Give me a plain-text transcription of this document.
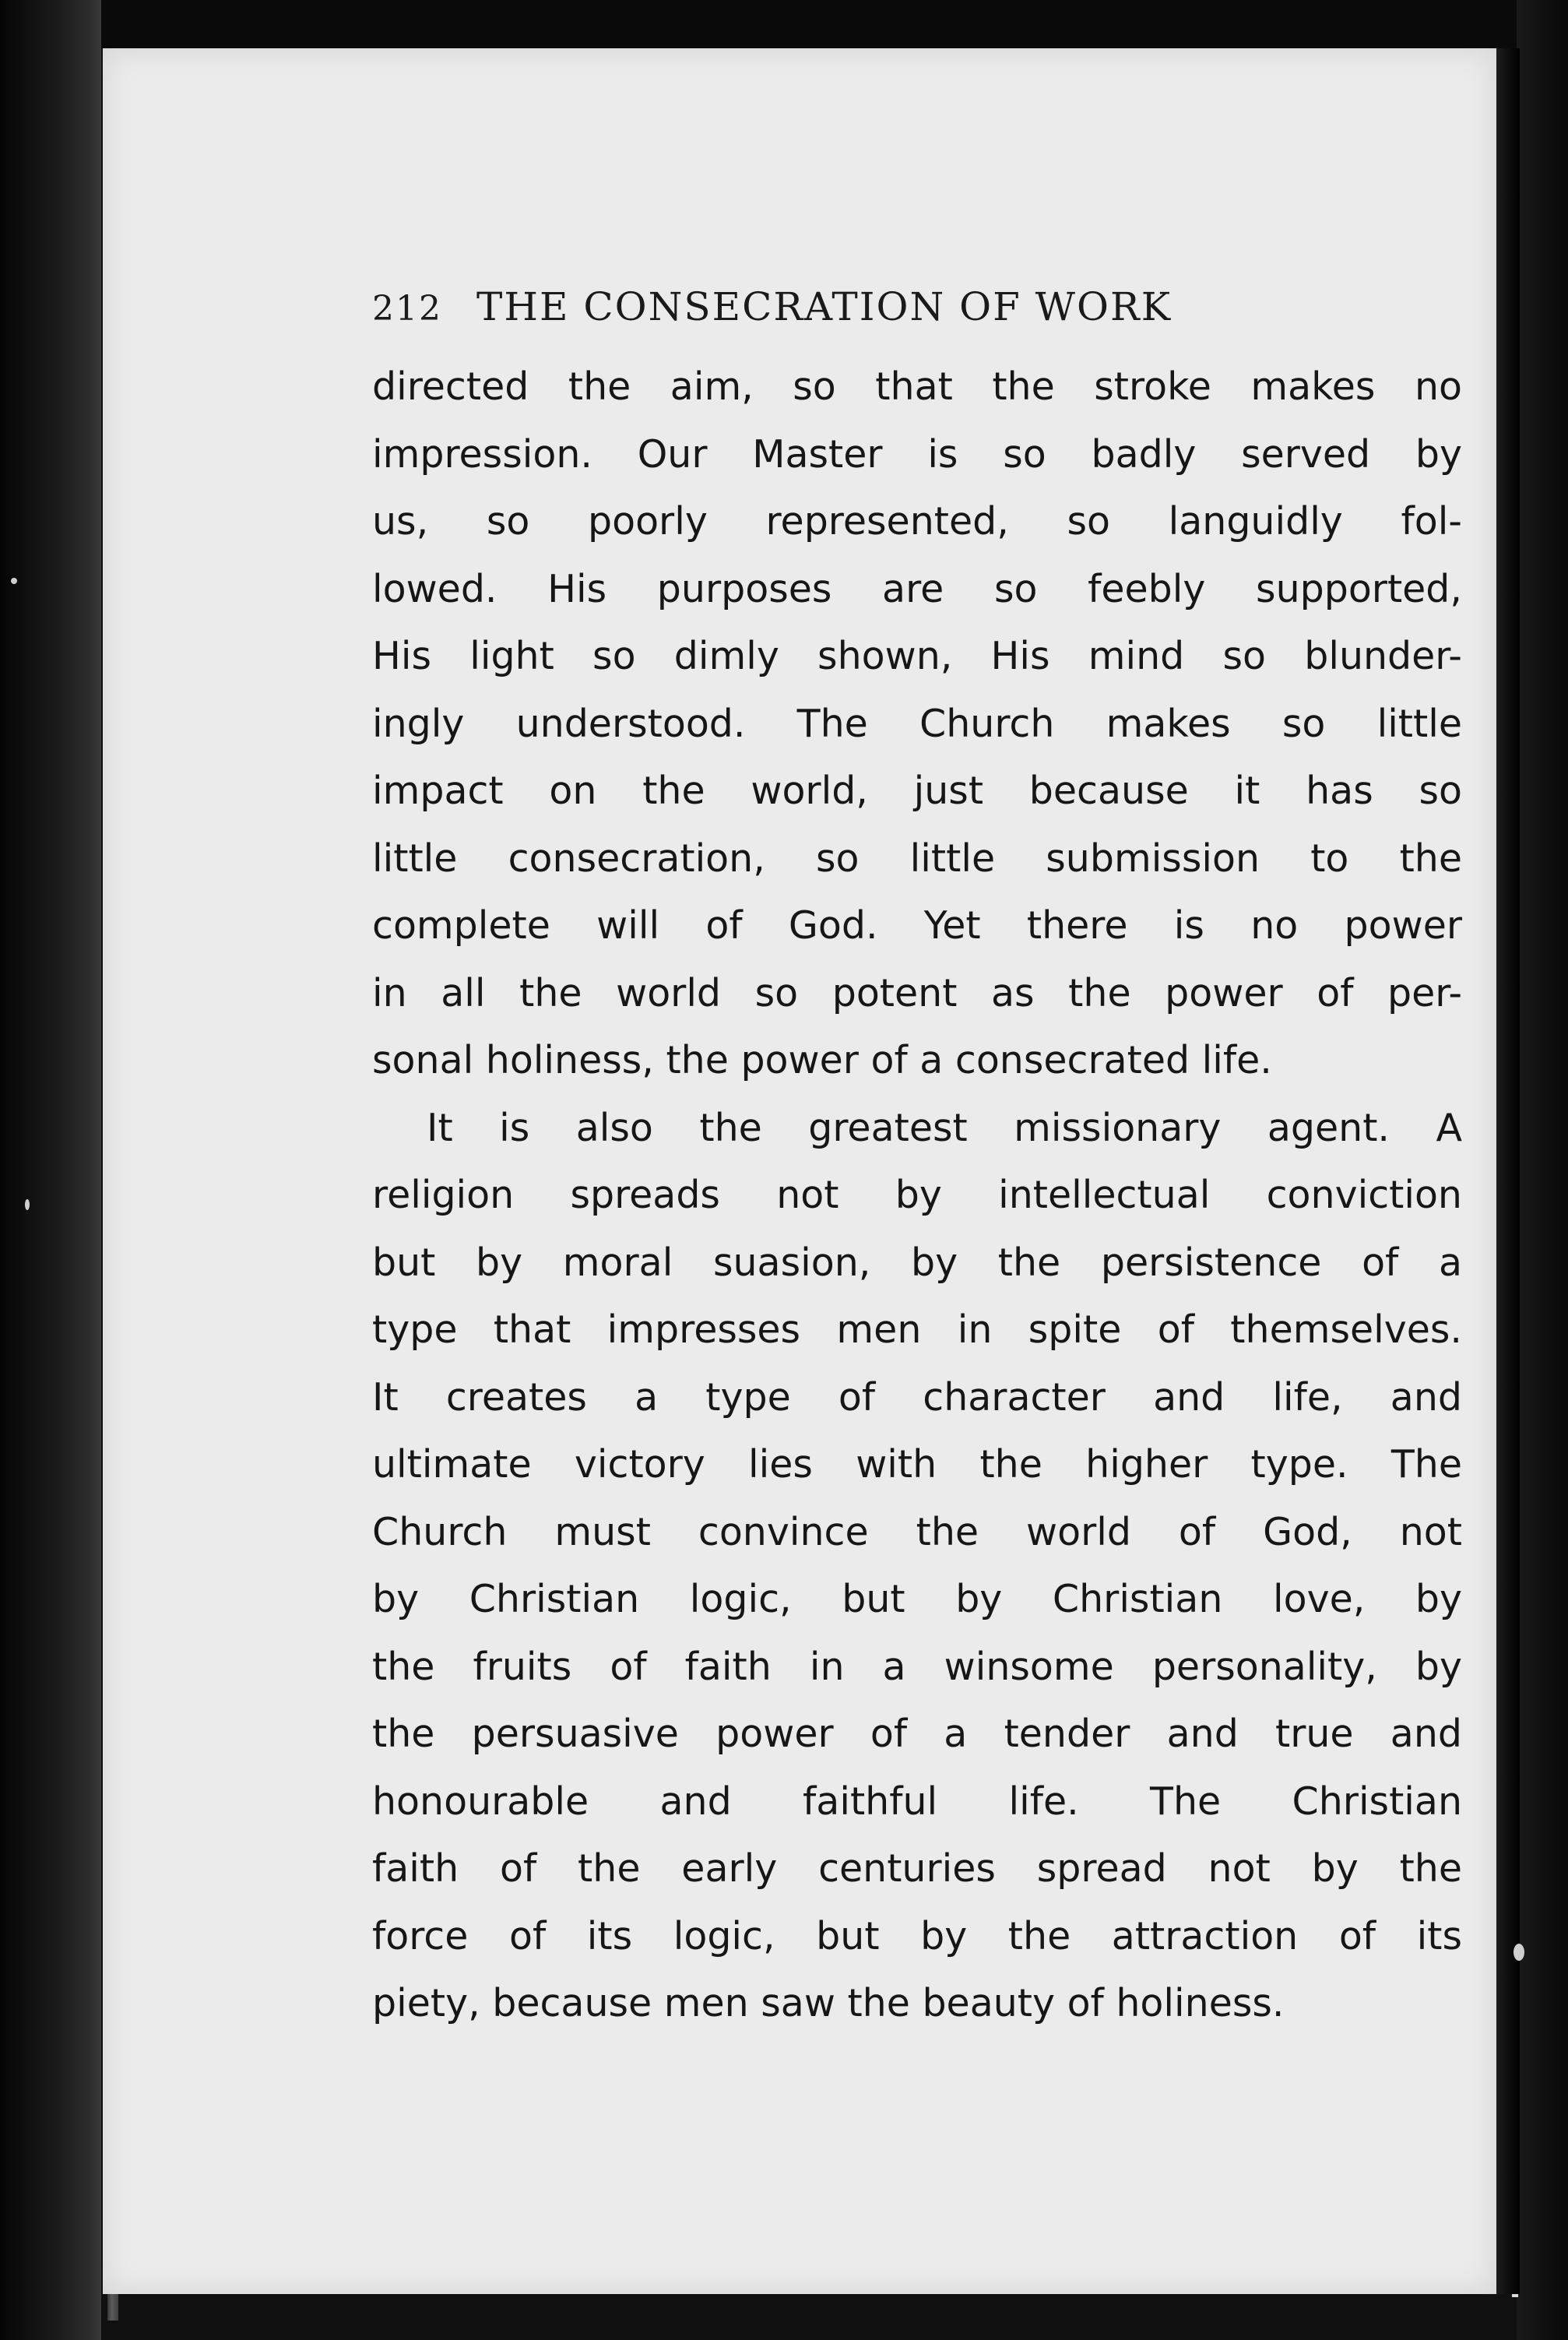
212 THE CONSECRATION OF WORK
directed the aim, so that the stroke makes no
impression. Our Master is so badly served by
us, so poorly represented, so languidly fol-
lowed. His purposes are so feebly supported,
His light so dimly shown, His mind so blunder-
ingly understood. The Church makes so little
impact on the world, just because it has so
little consecration, so little submission to the
complete will of God. Yet there is no power
in all the world so potent as the power of per-
sonal holiness, the power of a consecrated life.
It is also the greatest missionary agent. A
religion spreads not by intellectual conviction
but by moral suasion, by the persistence of a
type that impresses men in spite of themselves.
It creates a type of character and life, and
ultimate victory lies with the higher type. The
Church must convince the world of God, not
by Christian logic, but by Christian love, by
the fruits of faith in a winsome personality, by
the persuasive power of a tender and true and
honourable and faithful life. The Christian
faith of the early centuries spread not by the
force of its logic, but by the attraction of its
piety, because men saw the beauty of holiness.
